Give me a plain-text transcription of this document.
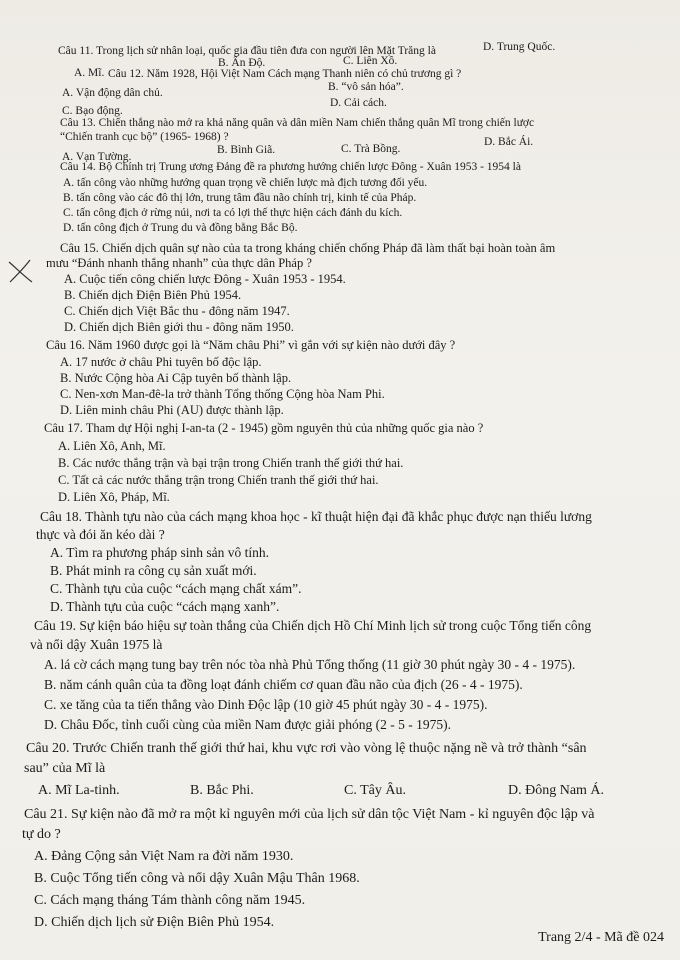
Câu 11. Trong lịch sử nhân loại, quốc gia đầu tiên đưa con người lên Mặt Trăng là
A. Mĩ.
B. Ấn Độ.	C. Liên Xô.
D. Trung Quốc.
Câu 12. Năm 1928, Hội Việt Nam Cách mạng Thanh niên có chủ trương gì ?
A. Vận động dân chủ.	B. “vô sản hóa”.
C. Bạo động.
D. Cải cách.
Câu 13. Chiến thắng nào mở ra khả năng quân và dân miền Nam chiến thắng quân Mĩ trong chiến lược
“Chiến tranh cục bộ” (1965- 1968) ?
A. Vạn Tường.
B. Bình Giã.	C. Trà Bồng.
D. Bắc Ái.
Câu 14. Bộ Chính trị Trung ương Đảng đề ra phương hướng chiến lược Đông - Xuân 1953 - 1954 là
A. tấn công vào những hướng quan trọng về chiến lược mà địch tương đối yếu.
B. tấn công vào các đô thị lớn, trung tâm đầu não chính trị, kinh tế của Pháp.
C. tấn công địch ở rừng núi, nơi ta có lợi thế thực hiện cách đánh du kích.
D. tấn công địch ở Trung du và đồng bằng Bắc Bộ.
Câu 15. Chiến dịch quân sự nào của ta trong kháng chiến chống Pháp đã làm thất bại hoàn toàn âm
mưu “Đánh nhanh thắng nhanh” của thực dân Pháp ?
A. Cuộc tiến công chiến lược Đông - Xuân 1953 - 1954.
B. Chiến dịch Điện Biên Phủ 1954.
C. Chiến dịch Việt Bắc thu - đông năm 1947.
D. Chiến dịch Biên giới thu - đông năm 1950.
Câu 16. Năm 1960 được gọi là “Năm châu Phi” vì gắn với sự kiện nào dưới đây ?
A. 17 nước ở châu Phi tuyên bố độc lập.
B. Nước Cộng hòa Ai Cập tuyên bố thành lập.
C. Nen-xơn Man-đê-la trở thành Tổng thống Cộng hòa Nam Phi.
D. Liên minh châu Phi (AU) được thành lập.
Câu 17. Tham dự Hội nghị I-an-ta (2 - 1945) gồm nguyên thủ của những quốc gia nào ?
A. Liên Xô, Anh, Mĩ.
B. Các nước thắng trận và bại trận trong Chiến tranh thế giới thứ hai.
C. Tất cả các nước thắng trận trong Chiến tranh thế giới thứ hai.
D. Liên Xô, Pháp, Mĩ.
Câu 18. Thành tựu nào của cách mạng khoa học - kĩ thuật hiện đại đã khắc phục được nạn thiếu lương
thực và đói ăn kéo dài ?
A. Tìm ra phương pháp sinh sản vô tính.
B. Phát minh ra công cụ sản xuất mới.
C. Thành tựu của cuộc “cách mạng chất xám”.
D. Thành tựu của cuộc “cách mạng xanh”.
Câu 19. Sự kiện báo hiệu sự toàn thắng của Chiến dịch Hồ Chí Minh lịch sử trong cuộc Tổng tiến công
và nổi dậy Xuân 1975 là
A. lá cờ cách mạng tung bay trên nóc tòa nhà Phủ Tổng thống (11 giờ 30 phút ngày 30 - 4 - 1975).
B. năm cánh quân của ta đồng loạt đánh chiếm cơ quan đầu não của địch (26 - 4 - 1975).
C. xe tăng của ta tiến thẳng vào Dinh Độc lập (10 giờ 45 phút ngày 30 - 4 - 1975).
D. Châu Đốc, tỉnh cuối cùng của miền Nam được giải phóng (2 - 5 - 1975).
Câu 20. Trước Chiến tranh thế giới thứ hai, khu vực rơi vào vòng lệ thuộc nặng nề và trở thành “sân
sau” của Mĩ là
A. Mĩ La-tinh.	B. Bắc Phi.	C. Tây Âu.	D. Đông Nam Á.
Câu 21. Sự kiện nào đã mở ra một kỉ nguyên mới của lịch sử dân tộc Việt Nam - kỉ nguyên độc lập và
tự do ?
A. Đảng Cộng sản Việt Nam ra đời năm 1930.
B. Cuộc Tổng tiến công và nổi dậy Xuân Mậu Thân 1968.
C. Cách mạng tháng Tám thành công năm 1945.
D. Chiến dịch lịch sử Điện Biên Phủ 1954.
Trang 2/4 - Mã đề 024
